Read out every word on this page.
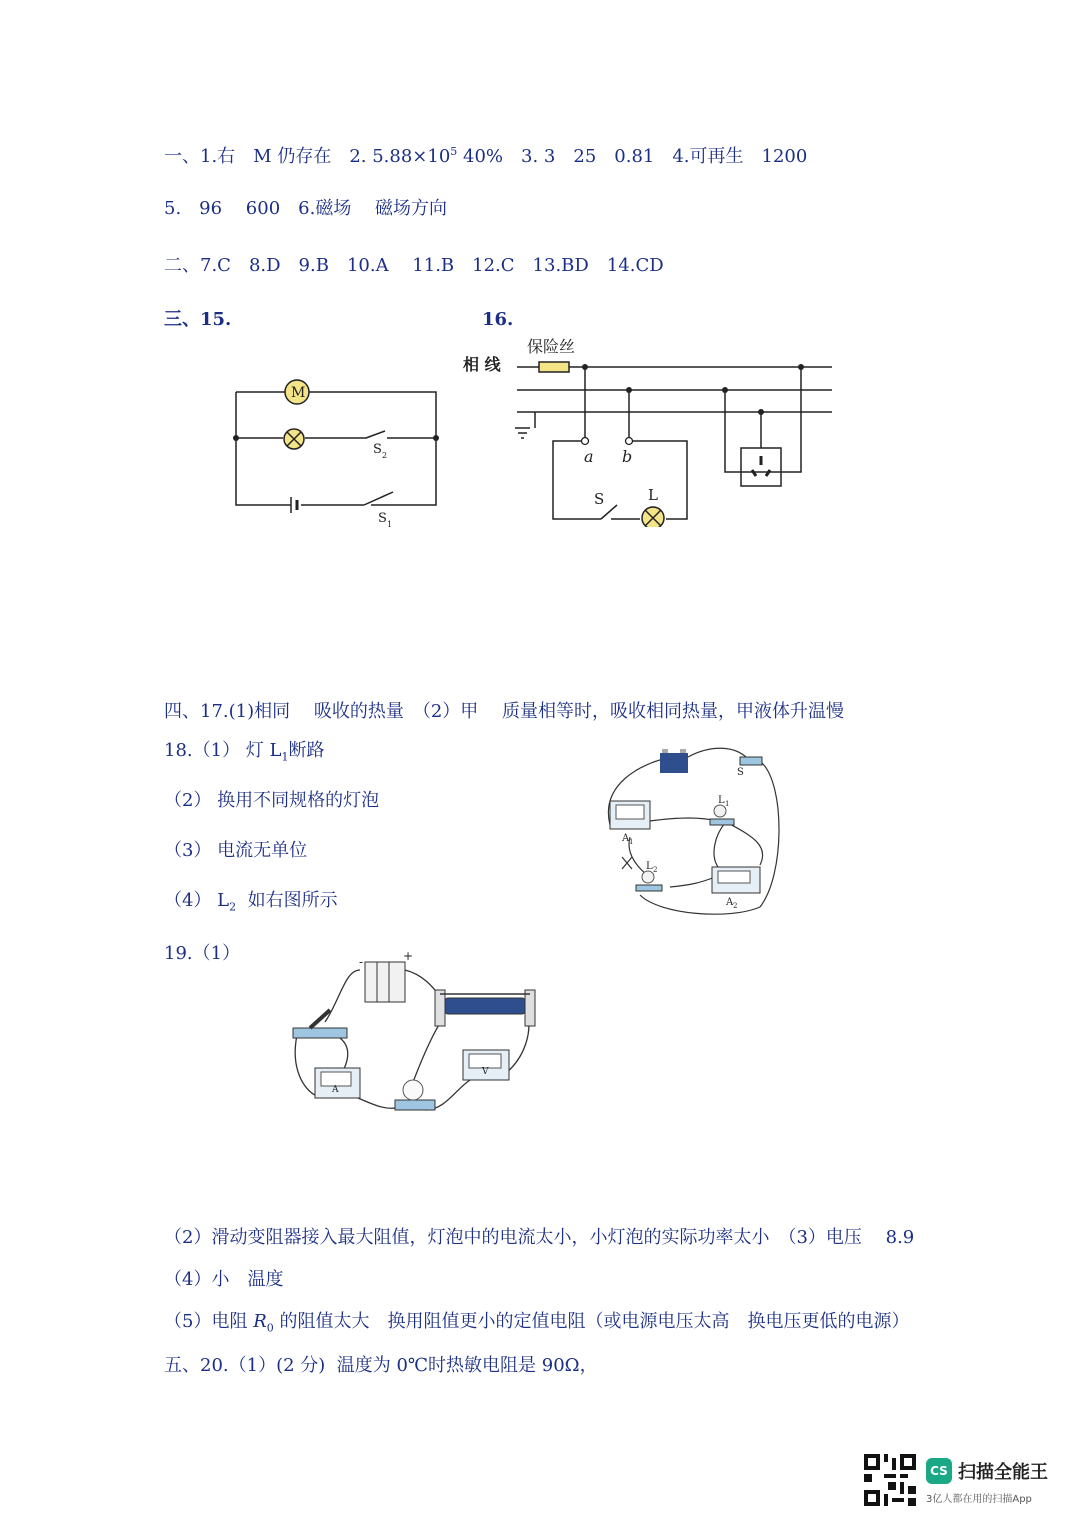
一、1.右　M 仍存在　2. $5.88\times 10^5$ 40%　3. 3　25　0.81　4.可再生　1200
5.　96　 600　6.磁场　 磁场方向
二、7.C　8.D　9.B　10.A　 11.B　12.C　13.BD　14.CD
三、15.	16.
M
S 2
S 1
相 线
保险丝
a b
S	L
四、17.(1)相同　 吸收的热量　（2）甲　 质量相等时，吸收相同热量，甲液体升温慢
18.（1） 灯 $L_1$断路
（2） 换用不同规格的灯泡
（3） 电流无单位
（4） $L_2$  如右图所示
S
L 1
L 2
A 1
A 2
19.（1）	-	+
A
V
（2）滑动变阻器接入最大阻值，灯泡中的电流太小，小灯泡的实际功率太小　（3）电压　 8.9
（4）小　温度
（5）电阻 $R_0$ 的阻值太大　换用阻值更小的定值电阻（或电源电压太高　换电压更低的电源）
五、20.（1）(2 分)  温度为 0℃时热敏电阻是 90Ω，
CS 扫描全能王
3亿人都在用的扫描App
